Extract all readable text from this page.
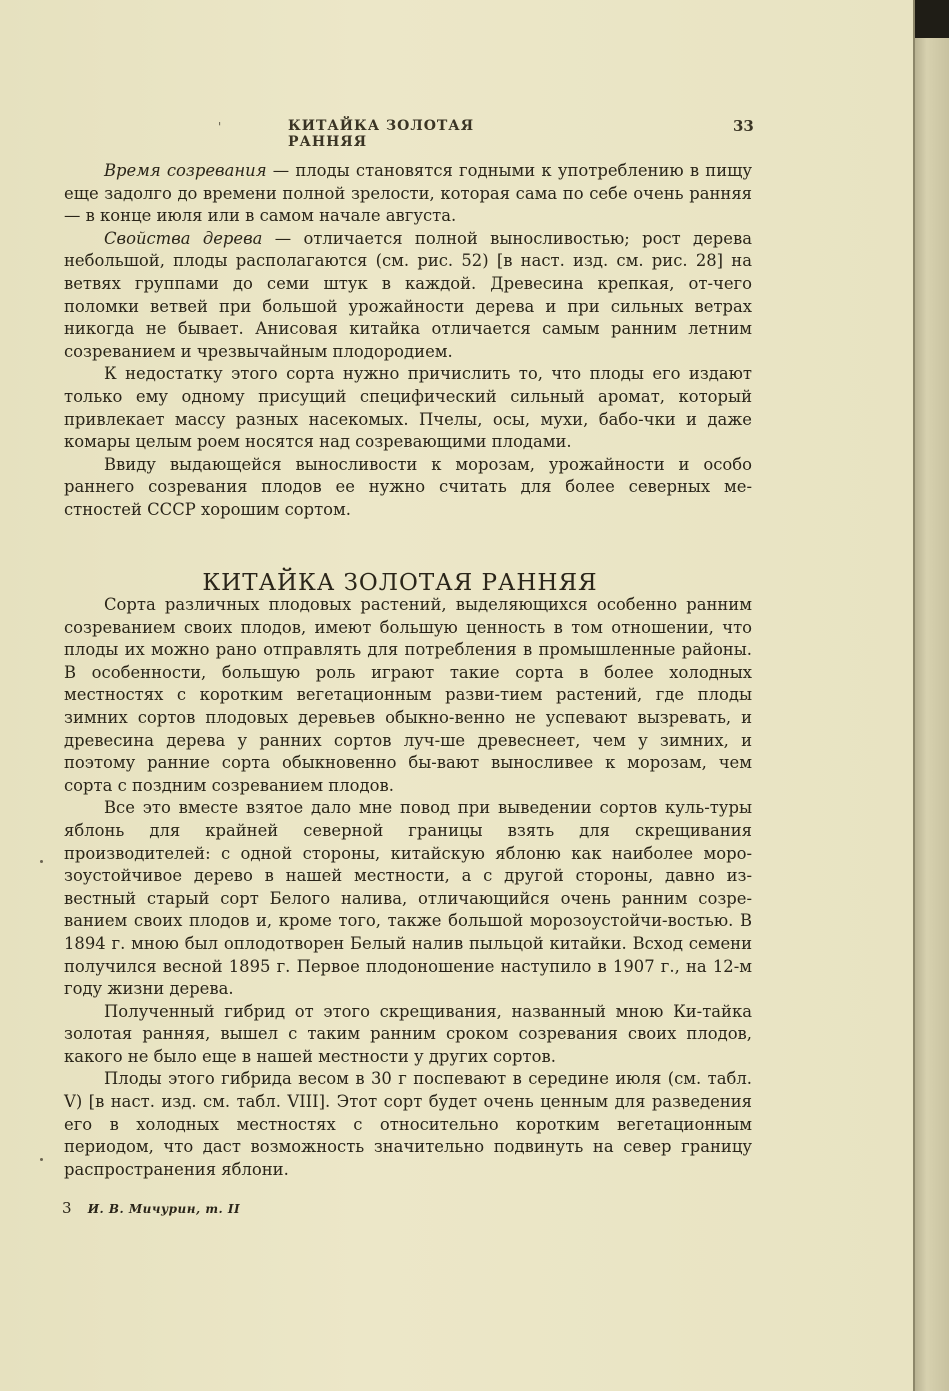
'	КИТАЙКА ЗОЛОТАЯ РАННЯЯ
33

Время созревания — плоды становятся годными к употреблению в пищу еще задолго до времени полной зрелости, которая сама по себе очень ранняя — в конце июля или в самом начале августа.

Свойства дерева — отличается полной выносливостью; рост дерева небольшой, плоды располагаются (см. рис. 52) [в наст. изд. см. рис. 28] на ветвях группами до семи штук в каждой. Древесина крепкая, от-чего поломки ветвей при большой урожайности дерева и при сильных ветрах никогда не бывает. Анисовая китайка отличается самым ранним летним созреванием и чрезвычайным плодородием.

К недостатку этого сорта нужно причислить то, что плоды его издают только ему одному присущий специфический сильный аромат, который привлекает массу разных насекомых. Пчелы, осы, мухи, бабо-чки и даже комары целым роем носятся над созревающими плодами.

Ввиду выдающейся выносливости к морозам, урожайности и особо раннего созревания плодов ее нужно считать для более северных ме-стностей СССР хорошим сортом.

КИТАЙКА ЗОЛОТАЯ РАННЯЯ

Сорта различных плодовых растений, выделяющихся особенно ранним созреванием своих плодов, имеют большую ценность в том отношении, что плоды их можно рано отправлять для потребления в промышленные районы. В особенности, большую роль играют такие сорта в более холодных местностях с коротким вегетационным разви-тием растений, где плоды зимних сортов плодовых деревьев обыкно-венно не успевают вызревать, и древесина дерева у ранних сортов луч-ше древеснеет, чем у зимних, и поэтому ранние сорта обыкновенно бы-вают выносливее к морозам, чем сорта с поздним созреванием плодов.

Все это вместе взятое дало мне повод при выведении сортов куль-туры яблонь для крайней северной границы взять для скрещивания производителей: с одной стороны, китайскую яблоню как наиболее моро-зоустойчивое дерево в нашей местности, а с другой стороны, давно из-вестный старый сорт Белого налива, отличающийся очень ранним созре-ванием своих плодов и, кроме того, также большой морозоустойчи-востью. В 1894 г. мною был оплодотворен Белый налив пыльцой китайки. Всход семени получился весной 1895 г. Первое плодоношение наступило в 1907 г., на 12-м году жизни дерева.

Полученный гибрид от этого скрещивания, названный мною Ки-тайка золотая ранняя, вышел с таким ранним сроком созревания своих плодов, какого не было еще в нашей местности у других сортов.

Плоды этого гибрида весом в 30 г поспевают в середине июля (см. табл. V) [в наст. изд. см. табл. VIII]. Этот сорт будет очень ценным для разведения его в холодных местностях с относительно коротким вегетационным периодом, что даст возможность значительно подвинуть на север границу распространения яблони.

3 И. В. Мичурин, т. II
